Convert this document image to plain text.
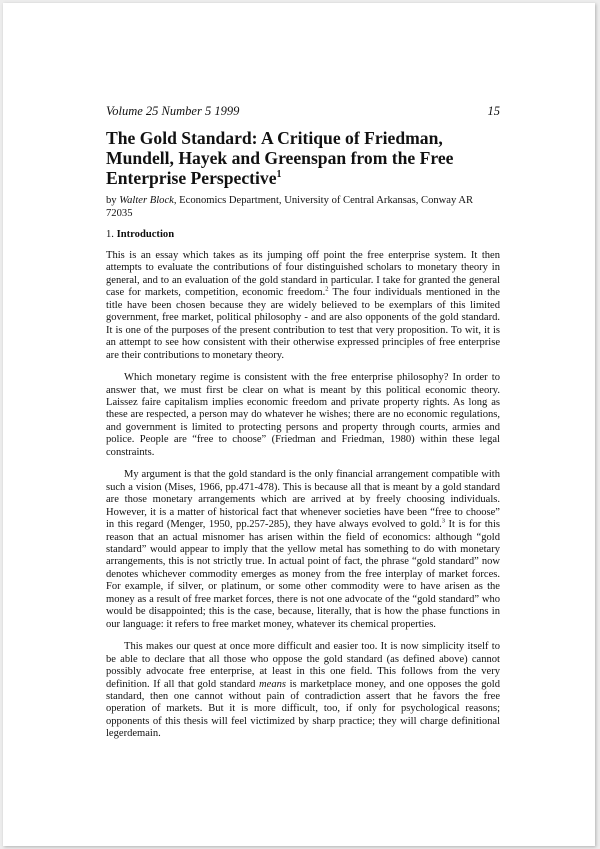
Volume 25 Number 5 1999	15
The Gold Standard: A Critique of Friedman, Mundell, Hayek and Greenspan from the Free Enterprise Perspective$^1$
by Walter Block, Economics Department, University of Central Arkansas, Conway AR 72035
1. Introduction

This is an essay which takes as its jumping off point the free enterprise system. It then attempts to evaluate the contributions of four distinguished scholars to monetary theory in general, and to an evaluation of the gold standard in particular. I take for granted the general case for markets, competition, economic freedom.$^2$ The four individuals mentioned in the title have been chosen because they are widely believed to be exemplars of this limited government, free market, political philosophy - and are also opponents of the gold standard. It is one of the purposes of the present contribution to test that very proposition. To wit, it is an attempt to see how consistent with their otherwise expressed principles of free enterprise are their contributions to monetary theory.

Which monetary regime is consistent with the free enterprise philosophy? In order to answer that, we must first be clear on what is meant by this political economic theory. Laissez faire capitalism implies economic freedom and private property rights. As long as these are respected, a person may do whatever he wishes; there are no economic regulations, and government is limited to protecting persons and property through courts, armies and police. People are “free to choose” (Friedman and Friedman, 1980) within these legal constraints.

My argument is that the gold standard is the only financial arrangement compatible with such a vision (Mises, 1966, pp.471-478). This is because all that is meant by a gold standard are those monetary arrangements which are arrived at by freely choosing individuals. However, it is a matter of historical fact that whenever societies have been “free to choose” in this regard (Menger, 1950, pp.257-285), they have always evolved to gold.$^3$ It is for this reason that an actual misnomer has arisen within the field of economics: although “gold standard” would appear to imply that the yellow metal has something to do with monetary arrangements, this is not strictly true. In actual point of fact, the phrase “gold standard” now denotes whichever commodity emerges as money from the free interplay of market forces. For example, if silver, or platinum, or some other commodity were to have arisen as the money as a result of free market forces, there is not one advocate of the “gold standard” who would be disappointed; this is the case, because, literally, that is how the phase functions in our language: it refers to free market money, whatever its chemical properties.

This makes our quest at once more difficult and easier too. It is now simplicity itself to be able to declare that all those who oppose the gold standard (as defined above) cannot possibly advocate free enterprise, at least in this one field. This follows from the very definition. If all that gold standard means is marketplace money, and one opposes the gold standard, then one cannot without pain of contradiction assert that he favors the free operation of markets. But it is more difficult, too, if only for psychological reasons; opponents of this thesis will feel victimized by sharp practice; they will charge definitional legerdemain.
